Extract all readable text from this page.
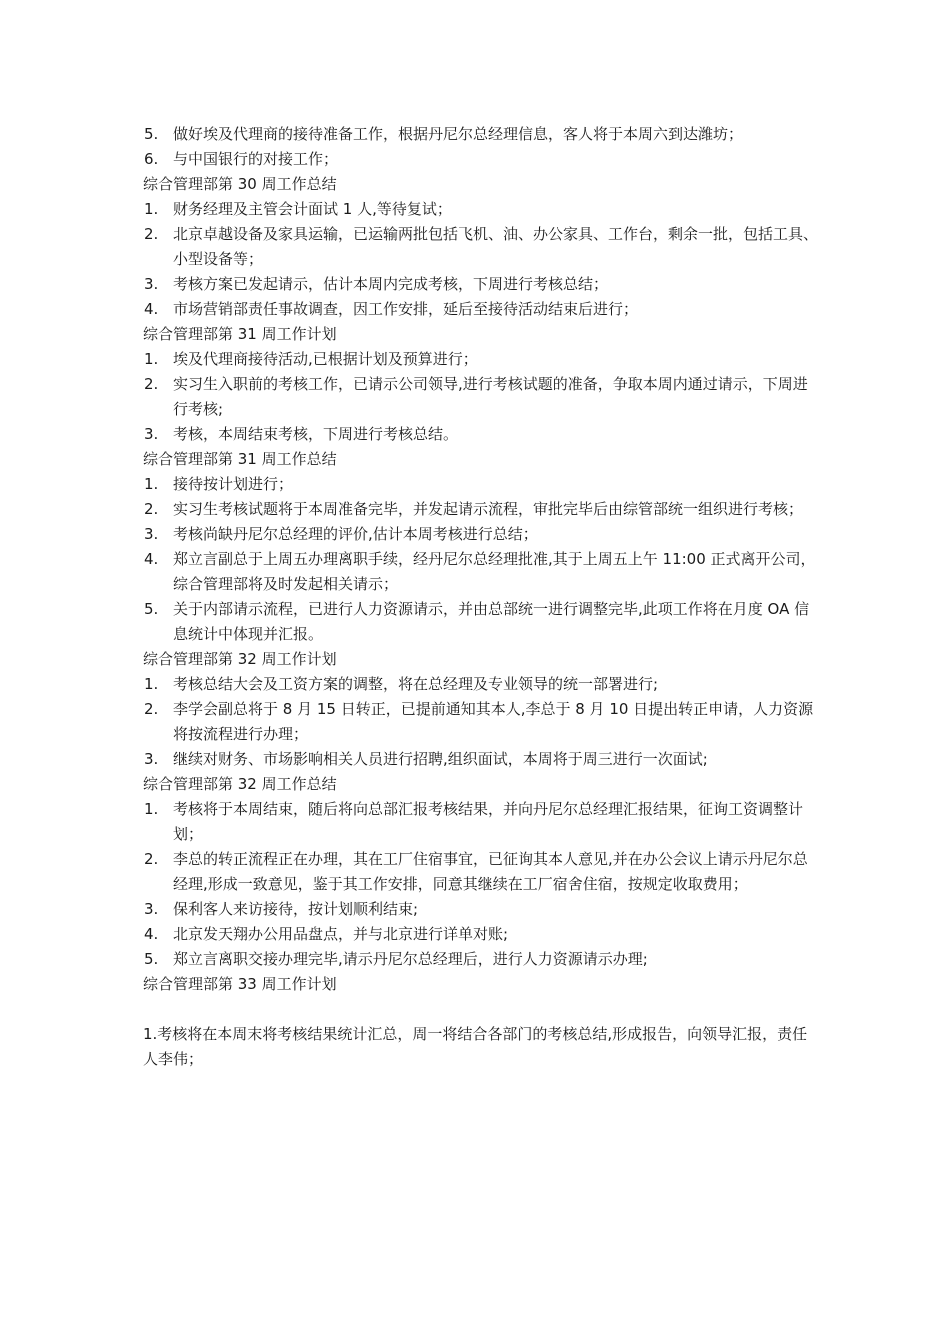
5. 做好埃及代理商的接待准备工作，根据丹尼尔总经理信息，客人将于本周六到达潍坊；
6. 与中国银行的对接工作；
综合管理部第 30 周工作总结
1. 财务经理及主管会计面试 1 人,等待复试；
2. 北京卓越设备及家具运输，已运输两批包括飞机、油、办公家具、工作台，剩余一批，包括工具、小型设备等；
3. 考核方案已发起请示，估计本周内完成考核，下周进行考核总结；
4. 市场营销部责任事故调查，因工作安排，延后至接待活动结束后进行；
综合管理部第 31 周工作计划
1. 埃及代理商接待活动,已根据计划及预算进行；
2. 实习生入职前的考核工作，已请示公司领导,进行考核试题的准备，争取本周内通过请示，下周进行考核;
3. 考核，本周结束考核，下周进行考核总结。
综合管理部第 31 周工作总结
1. 接待按计划进行；
2. 实习生考核试题将于本周准备完毕，并发起请示流程，审批完毕后由综管部统一组织进行考核；
3. 考核尚缺丹尼尔总经理的评价,估计本周考核进行总结；
4. 郑立言副总于上周五办理离职手续，经丹尼尔总经理批准,其于上周五上午 11:00 正式离开公司，综合管理部将及时发起相关请示；
5. 关于内部请示流程，已进行人力资源请示，并由总部统一进行调整完毕,此项工作将在月度 OA 信息统计中体现并汇报。
综合管理部第 32 周工作计划
1. 考核总结大会及工资方案的调整，将在总经理及专业领导的统一部署进行;
2. 李学会副总将于 8 月 15 日转正，已提前通知其本人,李总于 8 月 10 日提出转正申请，人力资源将按流程进行办理；
3. 继续对财务、市场影响相关人员进行招聘,组织面试，本周将于周三进行一次面试;
综合管理部第 32 周工作总结
1. 考核将于本周结束，随后将向总部汇报考核结果，并向丹尼尔总经理汇报结果，征询工资调整计划；
2. 李总的转正流程正在办理，其在工厂住宿事宜，已征询其本人意见,并在办公会议上请示丹尼尔总经理,形成一致意见，鉴于其工作安排，同意其继续在工厂宿舍住宿，按规定收取费用；
3. 保利客人来访接待，按计划顺利结束;
4. 北京发天翔办公用品盘点，并与北京进行详单对账;
5. 郑立言离职交接办理完毕,请示丹尼尔总经理后，进行人力资源请示办理;
综合管理部第 33 周工作计划
1.考核将在本周末将考核结果统计汇总，周一将结合各部门的考核总结,形成报告，向领导汇报，责任人李伟；
